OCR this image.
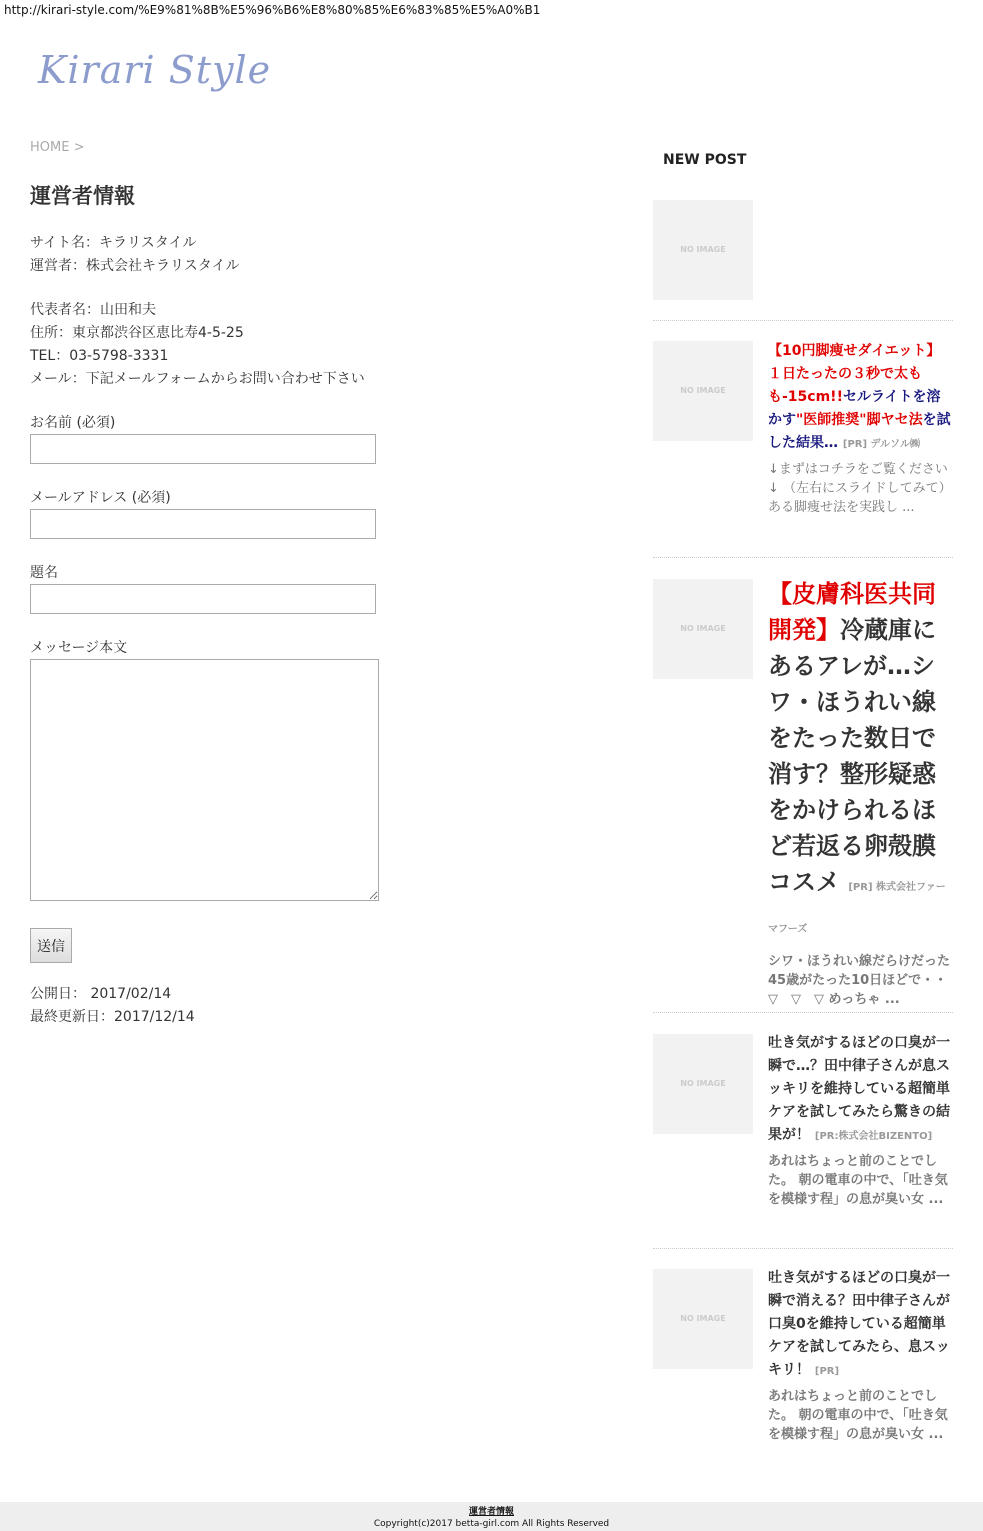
http://kirari-style.com/%E9%81%8B%E5%96%B6%E8%80%85%E6%83%85%E5%A0%B1
Kirari Style
HOME >
運営者情報
サイト名：キラリスタイル
運営者：株式会社キラリスタイル
代表者名：山田和夫
住所：東京都渋谷区恵比寿4-5-25
TEL：03-5798-3331
メール：下記メールフォームからお問い合わせ下さい
お名前 (必須)
メールアドレス (必須)
題名
メッセージ本文
送信
公開日： 2017/02/14
最終更新日：2017/12/14
NEW POST
NO IMAGE
NO IMAGE
【10円脚痩せダイエット】１日たったの３秒で太もも-15cm!!セルライトを溶かす"医師推奨"脚ヤセ法を試した結果… [PR] デルソル㈱
↓まずはコチラをご覧ください↓ （左右にスライドしてみて） ある脚痩せ法を実践し ...
NO IMAGE
【皮膚科医共同開発】冷蔵庫にあるアレが…シワ・ほうれい線をたった数日で消す？整形疑惑をかけられるほど若返る卵殻膜コスメ [PR] 株式会社ファーマフーズ
シワ・ほうれい線だらけだった45歳がたった10日ほどで・・ ▽　▽　▽ めっちゃ ...
NO IMAGE
吐き気がするほどの口臭が一瞬で…？田中律子さんが息スッキリを維持している超簡単ケアを試してみたら驚きの結果が！ [PR:株式会社BIZENTO]
あれはちょっと前のことでした。 朝の電車の中で、「吐き気を模様す程」の息が臭い女 ...
NO IMAGE
吐き気がするほどの口臭が一瞬で消える？田中律子さんが口臭0を維持している超簡単ケアを試してみたら、息スッキリ！ [PR]
あれはちょっと前のことでした。 朝の電車の中で、「吐き気を模様す程」の息が臭い女 ...
運営者情報
Copyright(c)2017 betta-girl.com All Rights Reserved
